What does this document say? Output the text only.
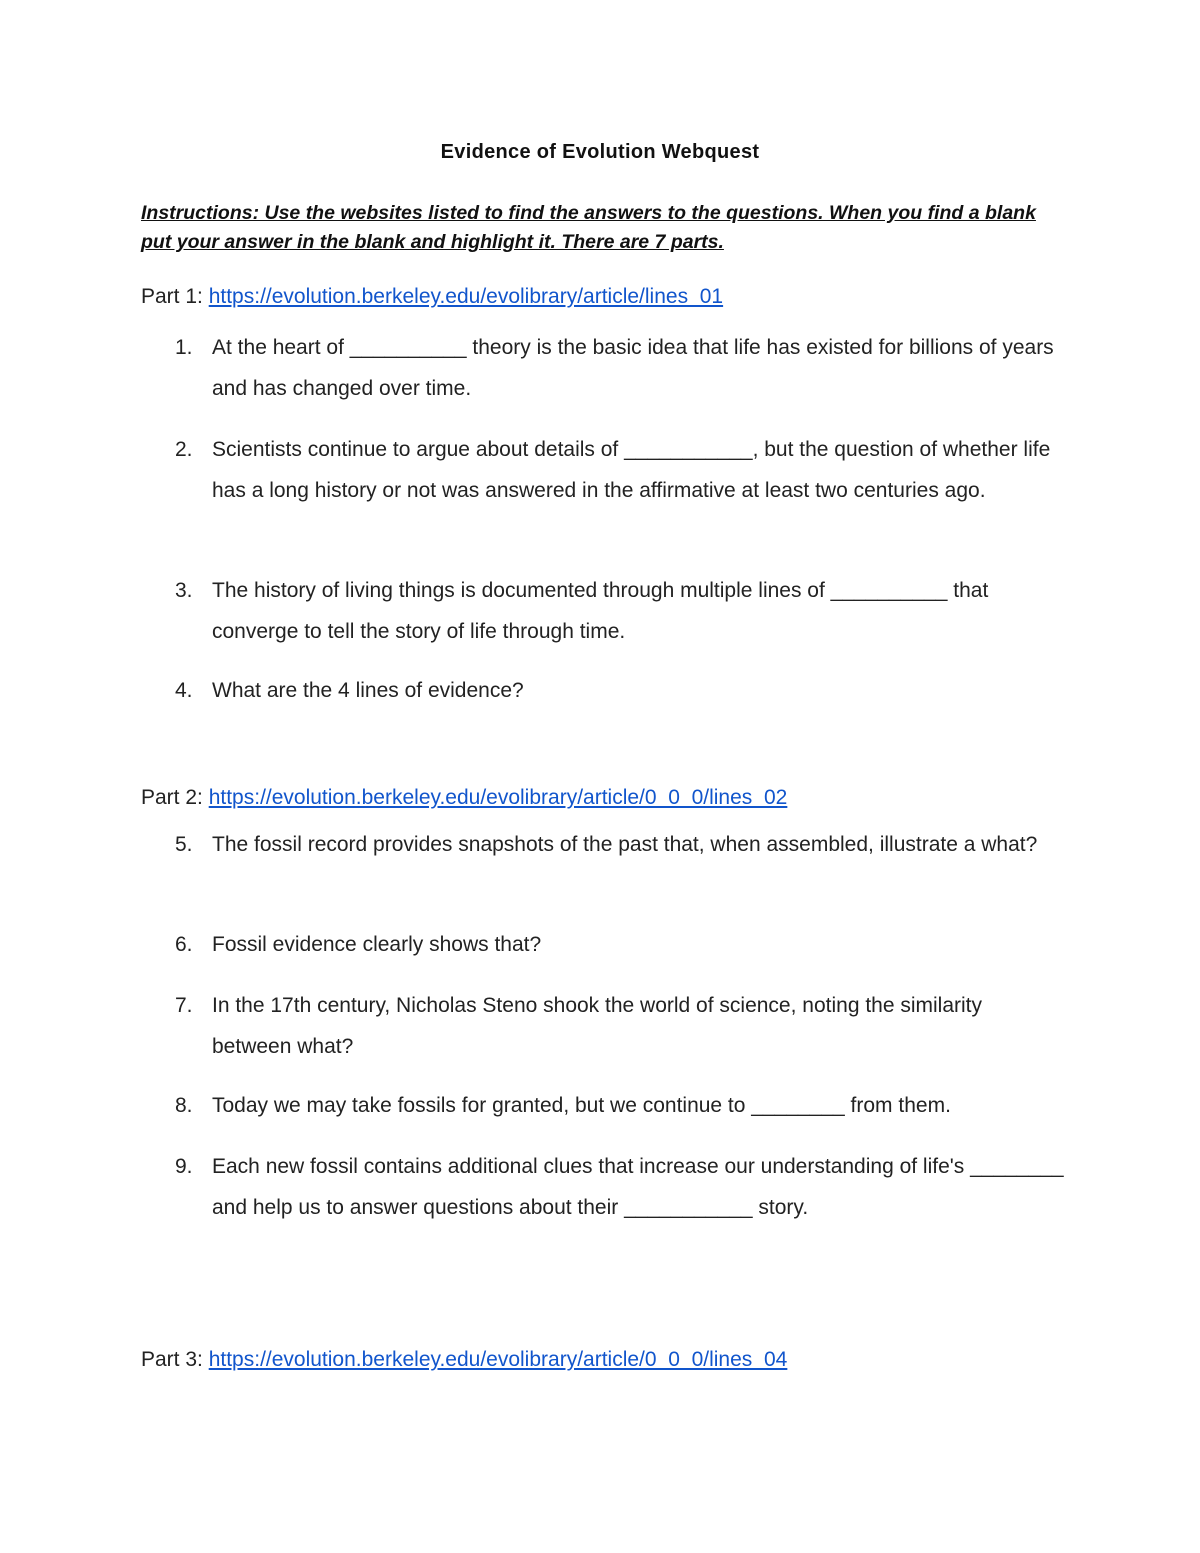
Evidence of Evolution Webquest
Instructions: Use the websites listed to find the answers to the questions. When you find a blank put your answer in the blank and highlight it. There are 7 parts.
Part 1: https://evolution.berkeley.edu/evolibrary/article/lines_01
1. At the heart of __________ theory is the basic idea that life has existed for billions of years and has changed over time.
2. Scientists continue to argue about details of ___________, but the question of whether life has a long history or not was answered in the affirmative at least two centuries ago.
3. The history of living things is documented through multiple lines of __________ that converge to tell the story of life through time.
4. What are the 4 lines of evidence?
Part 2: https://evolution.berkeley.edu/evolibrary/article/0_0_0/lines_02
5. The fossil record provides snapshots of the past that, when assembled, illustrate a what?
6. Fossil evidence clearly shows that?
7. In the 17th century, Nicholas Steno shook the world of science, noting the similarity between what?
8. Today we may take fossils for granted, but we continue to ________ from them.
9. Each new fossil contains additional clues that increase our understanding of life's ________ and help us to answer questions about their ___________ story.
Part 3: https://evolution.berkeley.edu/evolibrary/article/0_0_0/lines_04
